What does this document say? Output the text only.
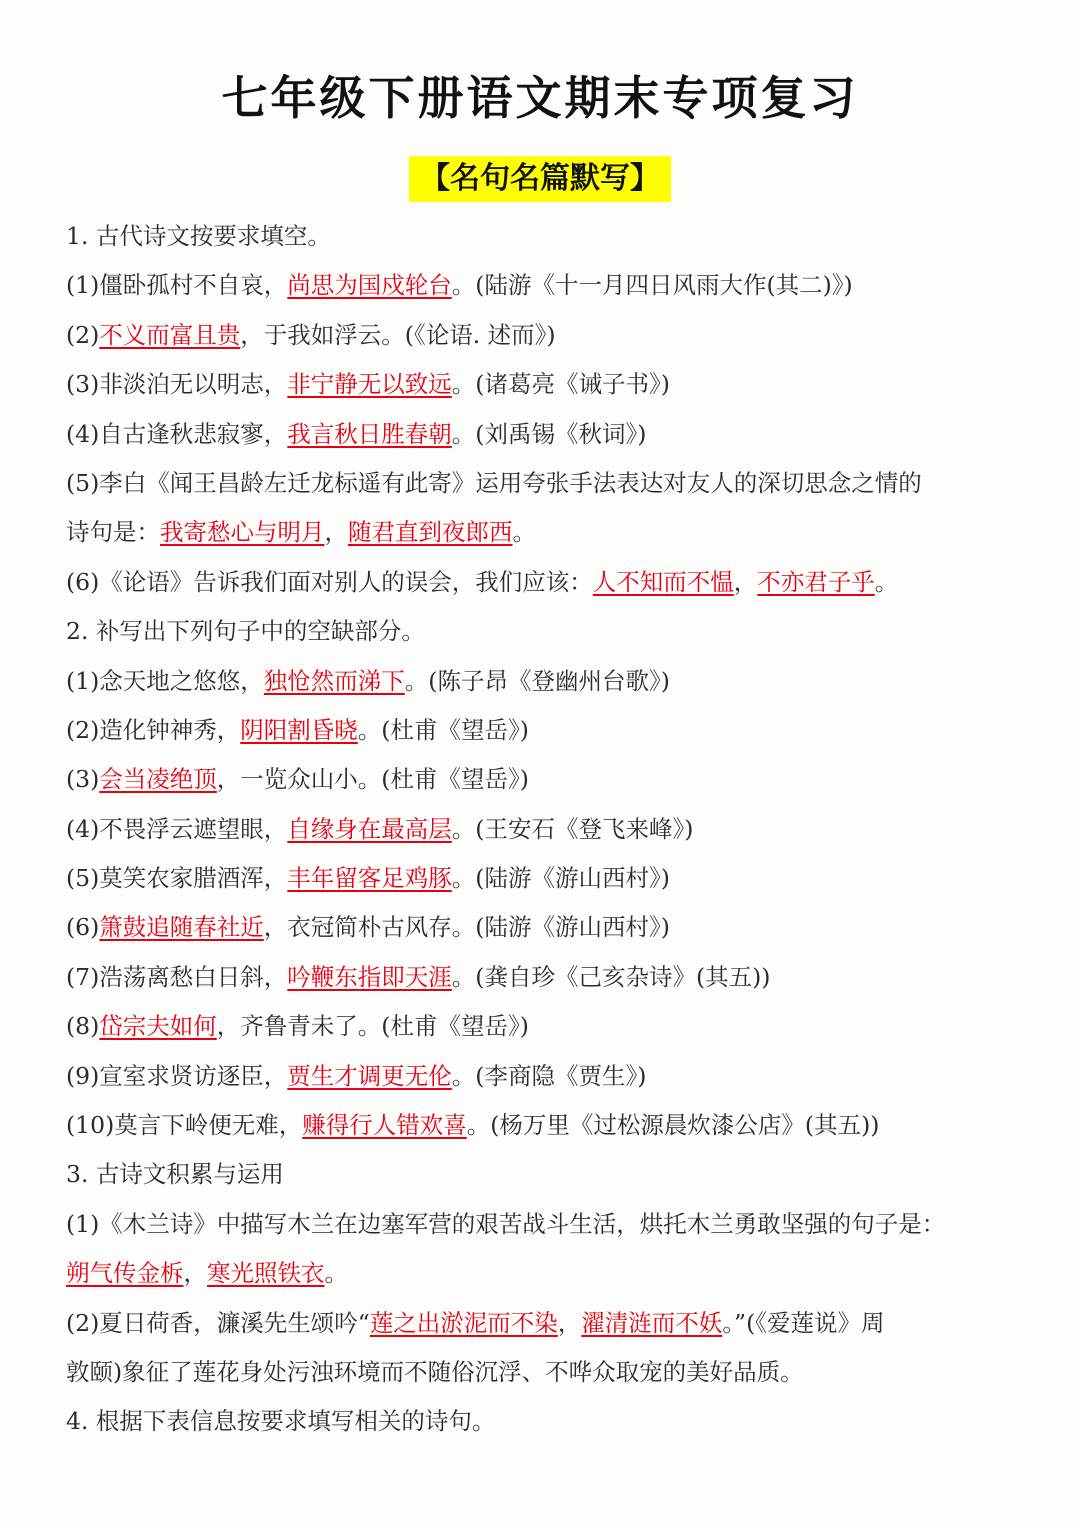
七年级下册语文期末专项复习
【名句名篇默写】
1. 古代诗文按要求填空。
(1)僵卧孤村不自哀，尚思为国戍轮台。(陆游《十一月四日风雨大作(其二)》)
(2)不义而富且贵，于我如浮云。(《论语. 述而》)
(3)非淡泊无以明志，非宁静无以致远。(诸葛亮《诫子书》)
(4)自古逢秋悲寂寥，我言秋日胜春朝。(刘禹锡《秋词》)
(5)李白《闻王昌龄左迁龙标遥有此寄》运用夸张手法表达对友人的深切思念之情的
诗句是：我寄愁心与明月，随君直到夜郎西。
(6)《论语》告诉我们面对别人的误会，我们应该：人不知而不愠，不亦君子乎。
2. 补写出下列句子中的空缺部分。
(1)念天地之悠悠，独怆然而涕下。(陈子昂《登幽州台歌》)
(2)造化钟神秀，阴阳割昏晓。(杜甫《望岳》)
(3)会当凌绝顶，一览众山小。(杜甫《望岳》)
(4)不畏浮云遮望眼，自缘身在最高层。(王安石《登飞来峰》)
(5)莫笑农家腊酒浑，丰年留客足鸡豚。(陆游《游山西村》)
(6)箫鼓追随春社近，衣冠简朴古风存。(陆游《游山西村》)
(7)浩荡离愁白日斜，吟鞭东指即天涯。(龚自珍《己亥杂诗》(其五))
(8)岱宗夫如何，齐鲁青未了。(杜甫《望岳》)
(9)宣室求贤访逐臣，贾生才调更无伦。(李商隐《贾生》)
(10)莫言下岭便无难，赚得行人错欢喜。(杨万里《过松源晨炊漆公店》(其五))
3. 古诗文积累与运用
(1)《木兰诗》中描写木兰在边塞军营的艰苦战斗生活，烘托木兰勇敢坚强的句子是：
朔气传金柝，寒光照铁衣。
(2)夏日荷香，濂溪先生颂吟“莲之出淤泥而不染，濯清涟而不妖。”(《爱莲说》周
敦颐)象征了莲花身处污浊环境而不随俗沉浮、不哗众取宠的美好品质。
4. 根据下表信息按要求填写相关的诗句。
